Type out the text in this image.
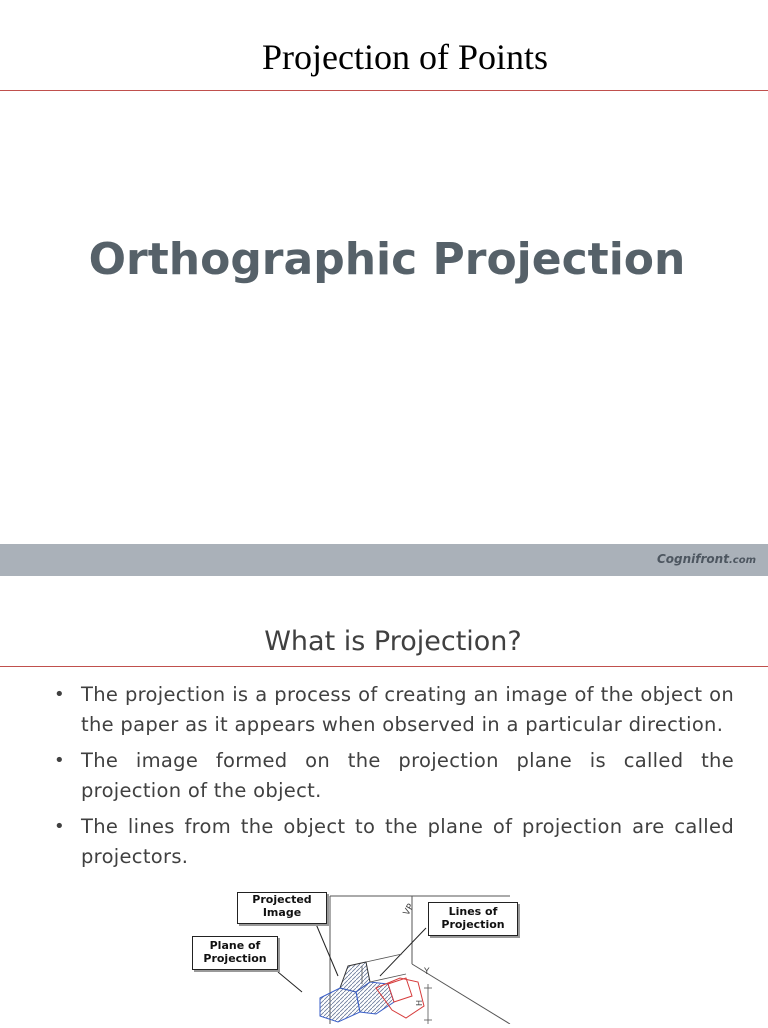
Projection of Points
Orthographic Projection
Cognifront.com
What is Projection?
• The projection is a process of creating an image of the object on the paper as it appears when observed in a particular direction.
• The image formed on the projection plane is called the projection of the object.
• The lines from the object to the plane of projection are called projectors.
VP
Y
H
Projected
Image	Lines of
Projection
Plane of
Projection
